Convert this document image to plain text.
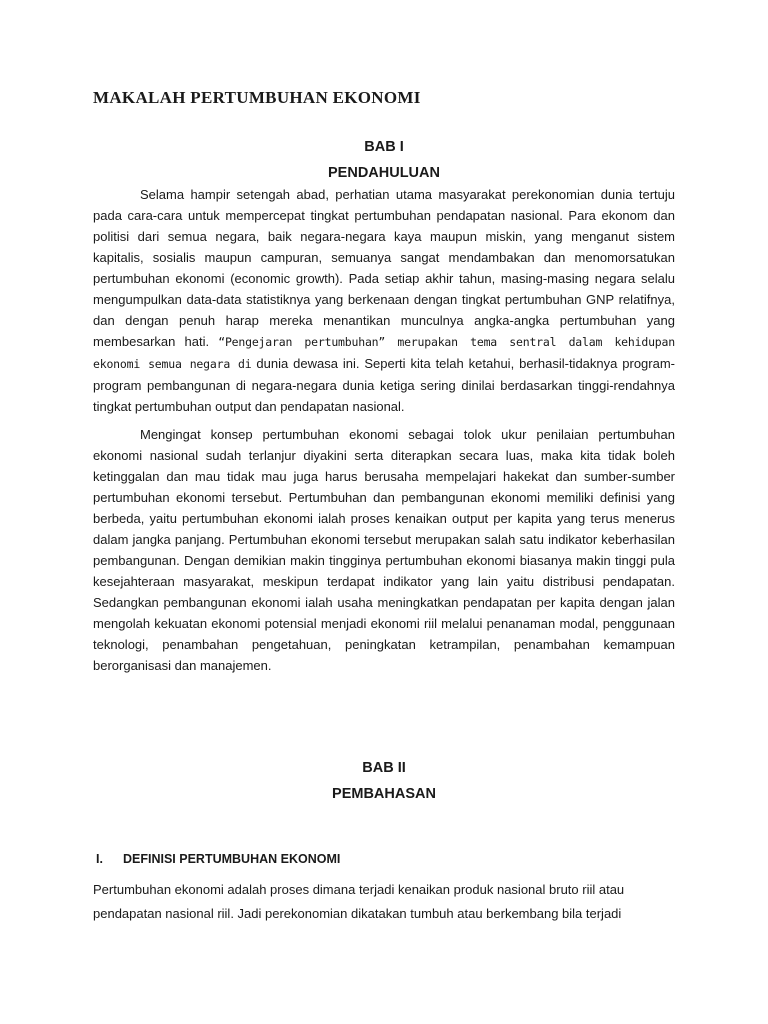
MAKALAH PERTUMBUHAN EKONOMI
BAB I
PENDAHULUAN

Selama hampir setengah abad, perhatian utama masyarakat perekonomian dunia tertuju pada cara-cara untuk mempercepat tingkat pertumbuhan pendapatan nasional. Para ekonom dan politisi dari semua negara, baik negara-negara kaya maupun miskin, yang menganut sistem kapitalis, sosialis maupun campuran, semuanya sangat mendambakan dan menomorsatukan pertumbuhan ekonomi (economic growth). Pada setiap akhir tahun, masing-masing negara selalu mengumpulkan data-data statistiknya yang berkenaan dengan tingkat pertumbuhan GNP relatifnya, dan dengan penuh harap mereka menantikan munculnya angka-angka pertumbuhan yang membesarkan hati. “Pengejaran pertumbuhan” merupakan tema sentral dalam kehidupan ekonomi semua negara di dunia dewasa ini. Seperti kita telah ketahui, berhasil-tidaknya program-program pembangunan di negara-negara dunia ketiga sering dinilai berdasarkan tinggi-rendahnya tingkat pertumbuhan output dan pendapatan nasional.

Mengingat konsep pertumbuhan ekonomi sebagai tolok ukur penilaian pertumbuhan ekonomi nasional sudah terlanjur diyakini serta diterapkan secara luas, maka kita tidak boleh ketinggalan dan mau tidak mau juga harus berusaha mempelajari hakekat dan sumber-sumber pertumbuhan ekonomi tersebut. Pertumbuhan dan pembangunan ekonomi memiliki definisi yang berbeda, yaitu pertumbuhan ekonomi ialah proses kenaikan output per kapita yang terus menerus dalam jangka panjang. Pertumbuhan ekonomi tersebut merupakan salah satu indikator keberhasilan pembangunan. Dengan demikian makin tingginya pertumbuhan ekonomi biasanya makin tinggi pula kesejahteraan masyarakat, meskipun terdapat indikator yang lain yaitu distribusi pendapatan. Sedangkan pembangunan ekonomi ialah usaha meningkatkan pendapatan per kapita dengan jalan mengolah kekuatan ekonomi potensial menjadi ekonomi riil melalui penanaman modal, penggunaan teknologi, penambahan pengetahuan, peningkatan ketrampilan, penambahan kemampuan berorganisasi dan manajemen.

BAB II
PEMBAHASAN
I. DEFINISI PERTUMBUHAN EKONOMI

Pertumbuhan ekonomi adalah proses dimana terjadi kenaikan produk nasional bruto riil atau

pendapatan nasional riil. Jadi perekonomian dikatakan tumbuh atau berkembang bila terjadi
